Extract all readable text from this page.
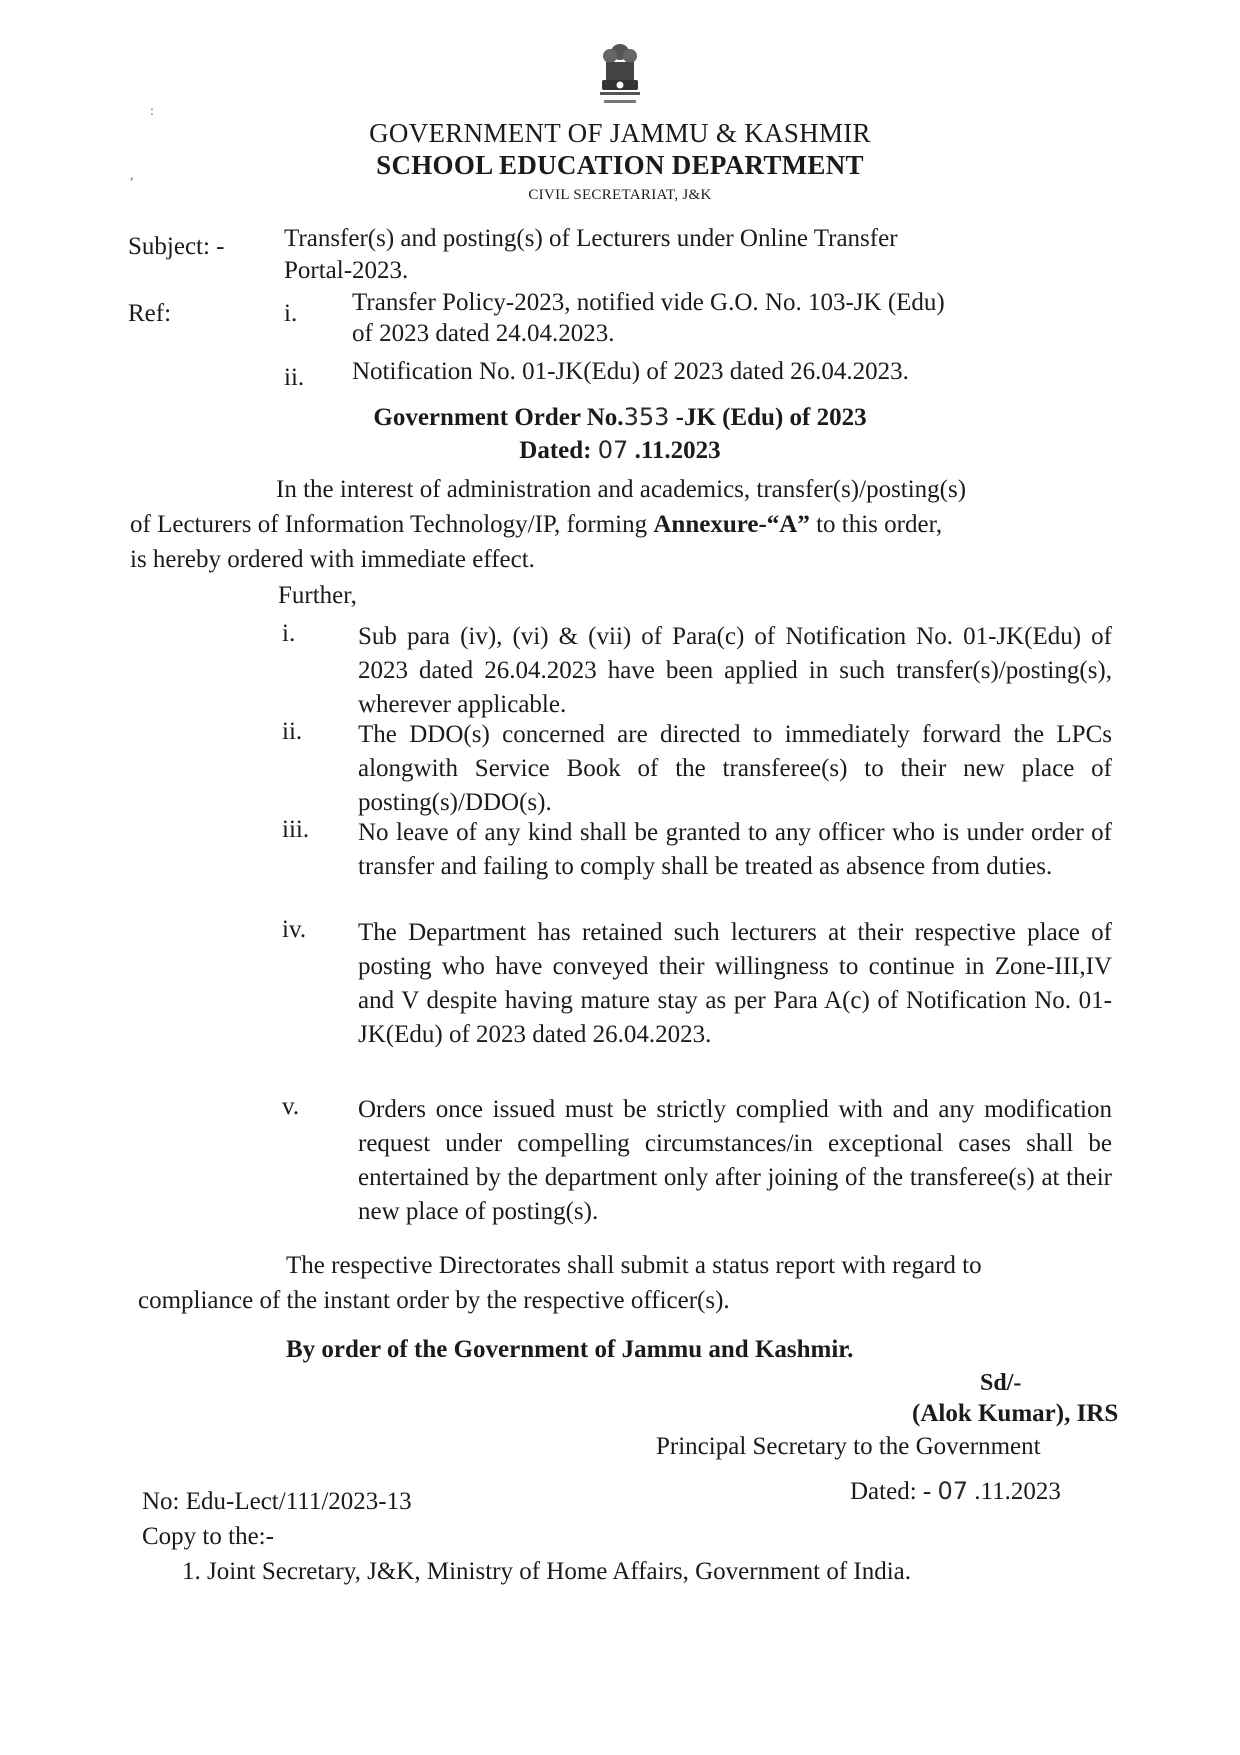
:
,
GOVERNMENT OF JAMMU & KASHMIR
SCHOOL EDUCATION DEPARTMENT
CIVIL SECRETARIAT, J&K
Subject: - Transfer(s) and posting(s) of Lecturers under Online Transfer
Portal-2023.
Ref:	i. Transfer Policy-2023, notified vide G.O. No. 103-JK (Edu)
of 2023 dated 24.04.2023.
ii. Notification No. 01-JK(Edu) of 2023 dated 26.04.2023.
Government Order No.353 -JK (Edu) of 2023
Dated: 07 .11.2023
In the interest of administration and academics, transfer(s)/posting(s)
of Lecturers of Information Technology/IP, forming Annexure-“A” to this order,
is hereby ordered with immediate effect.
Further,
i.	Sub para (iv), (vi) & (vii) of Para(c) of Notification No. 01-JK(Edu) of 2023 dated 26.04.2023 have been applied in such transfer(s)/posting(s), wherever applicable.
ii. The DDO(s) concerned are directed to immediately forward the LPCs alongwith Service Book of the transferee(s) to their new place of posting(s)/DDO(s).
iii. No leave of any kind shall be granted to any officer who is under order of transfer and failing to comply shall be treated as absence from duties.
iv. The Department has retained such lecturers at their respective place of posting who have conveyed their willingness to continue in Zone-III,IV and V despite having mature stay as per Para A(c) of Notification No. 01-JK(Edu) of 2023 dated 26.04.2023.
v. Orders once issued must be strictly complied with and any modification request under compelling circumstances/in exceptional cases shall be entertained by the department only after joining of the transferee(s) at their new place of posting(s).
The respective Directorates shall submit a status report with regard to
compliance of the instant order by the respective officer(s).
By order of the Government of Jammu and Kashmir.
Sd/-
(Alok Kumar), IRS
Principal Secretary to the Government
Dated: - 07 .11.2023
No: Edu-Lect/111/2023-13
Copy to the:-
1. Joint Secretary, J&K, Ministry of Home Affairs, Government of India.
